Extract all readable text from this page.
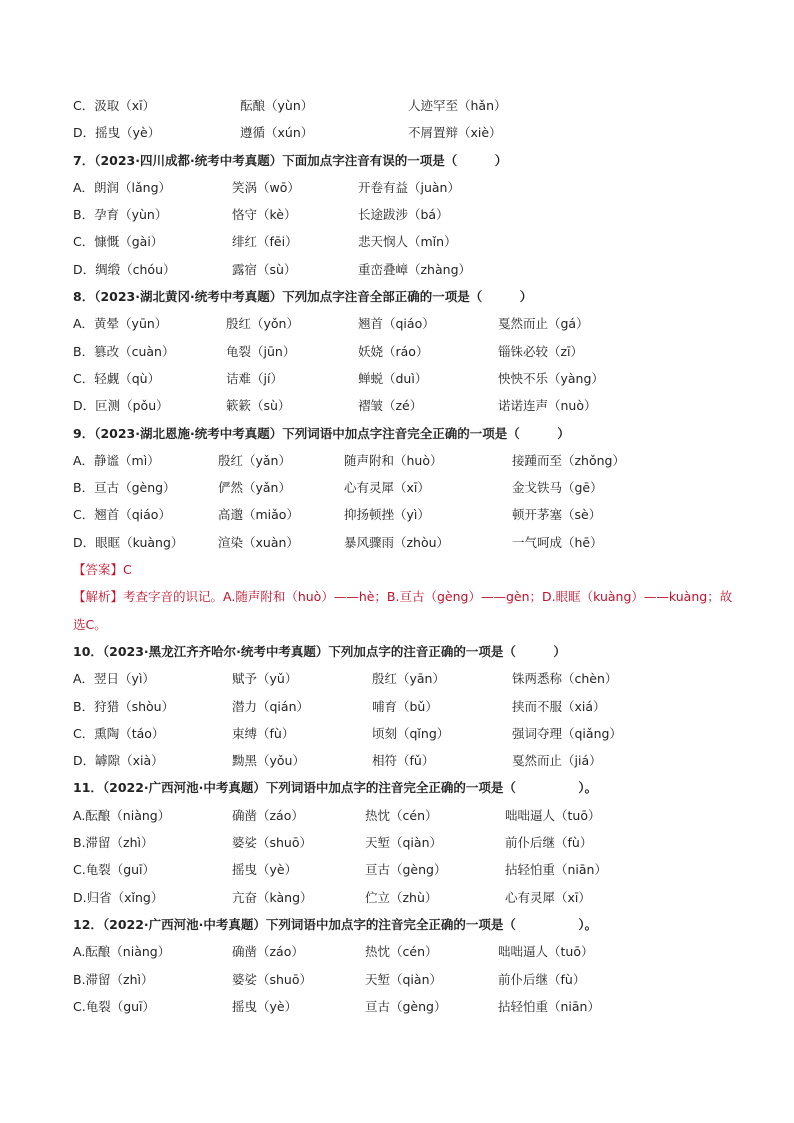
C．汲取（xī）	酝酿（yùn）	人迹罕至（hǎn）
D．摇曳（yè）	遵循（xún）	不屑置辩（xiè）
7．（2023·四川成都·统考中考真题）下面加点字注音有误的一项是（　　　）
A．朗润（lǎng）	笑涡（wō）	开卷有益（juàn）
B．孕育（yùn）	恪守（kè）	长途跋涉（bá）
C．慷慨（gài）	绯红（fēi）	悲天悯人（mǐn）
D．绸缎（chóu）	露宿（sù）	重峦叠嶂（zhàng）
8．（2023·湖北黄冈·统考中考真题）下列加点字注音全部正确的一项是（　　　）
A．黄晕（yūn）	殷红（yǒn）	翘首（qiáo）	戛然而止（gá）
B．篡改（cuàn）	龟裂（jūn）	妖娆（ráo）	锱铢必较（zī）
C．轻觑（qù）	诘难（jí）	蝉蜕（duì）	怏怏不乐（yàng）
D．叵测（pǒu）	簌簌（sù）	褶皱（zé）	诺诺连声（nuò）
9．（2023·湖北恩施·统考中考真题）下列词语中加点字注音完全正确的一项是（　　　）
A．静谧（mì）	殷红（yǎn）	随声附和（huò）	接踵而至（zhǒng）
B．亘古（gèng）	俨然（yǎn）	心有灵犀（xī）	金戈铁马（gē）
C．翘首（qiáo）	高邈（miǎo）	抑扬顿挫（yì）	顿开茅塞（sè）
D．眼眶（kuàng）	渲染（xuàn）	暴风骤雨（zhòu）	一气呵成（hē）
【答案】C
【解析】考查字音的识记。A.随声附和（huò）——hè；B.亘古（gèng）——gèn；D.眼眶（kuàng）——kuàng；故选C。
10．（2023·黑龙江齐齐哈尔·统考中考真题）下列加点字的注音正确的一项是（　　　）
A．翌日（yì）	赋予（yǔ）	殷红（yān）	铢两悉称（chèn）
B．狩猎（shòu）	潜力（qián）	哺育（bǔ）	挟而不服（xiá）
C．熏陶（táo）	束缚（fù）	顷刻（qǐng）	强词夺理（qiǎng）
D．罅隙（xià）	黝黑（yǒu）	相符（fǔ）	戛然而止（jiá）
11．（2022·广西河池·中考真题）下列词语中加点字的注音完全正确的一项是（　　　　　）。
A.酝酿（niàng）	确凿（záo）	热忱（cén）	咄咄逼人（tuō）
B.滞留（zhì）	婆娑（shuō）	天堑（qiàn）	前仆后继（fù）
C.龟裂（guī）	摇曳（yè）	亘古（gèng）	拈轻怕重（niān）
D.归省（xǐng）	亢奋（kàng）	伫立（zhù）	心有灵犀（xī）
12．（2022·广西河池·中考真题）下列词语中加点字的注音完全正确的一项是（　　　　　）。
A.酝酿（niàng）	确凿（záo）	热忱（cén）	咄咄逼人（tuō）
B.滞留（zhì）	婆娑（shuō）	天堑（qiàn）	前仆后继（fù）
C.龟裂（guī）	摇曳（yè）	亘古（gèng）	拈轻怕重（niān）
